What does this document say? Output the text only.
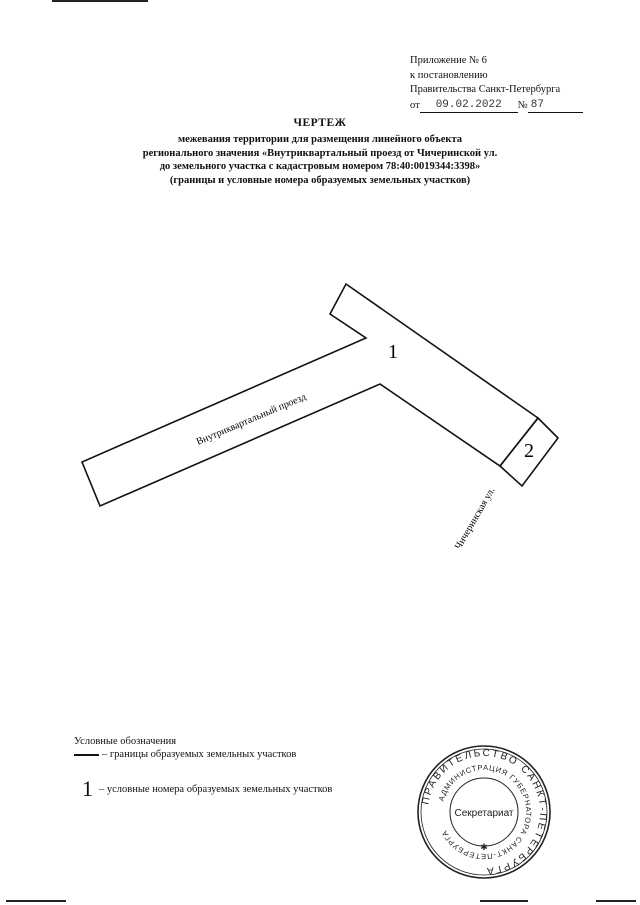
Приложение № 6
к постановлению
Правительства Санкт-Петербурга
от	09.02.2022	№ 87
ЧЕРТЕЖ
межевания территории для размещения линейного объекта
регионального значения «Внутриквартальный проезд от Чичеринской ул.
до земельного участка с кадастровым номером 78:40:0019344:3398»
(границы и условные номера образуемых земельных участков)
1
2
Внутриквартальный проезд
Чичеринская ул.
Условные обозначения
– границы образуемых земельных участков
1 – условные номера образуемых земельных участков
ПРАВИТЕЛЬСТВО САНКТ-ПЕТЕРБУРГА
АДМИНИСТРАЦИЯ ГУБЕРНАТОРА САНКТ-ПЕТЕРБУРГА
Секретариат
✱
